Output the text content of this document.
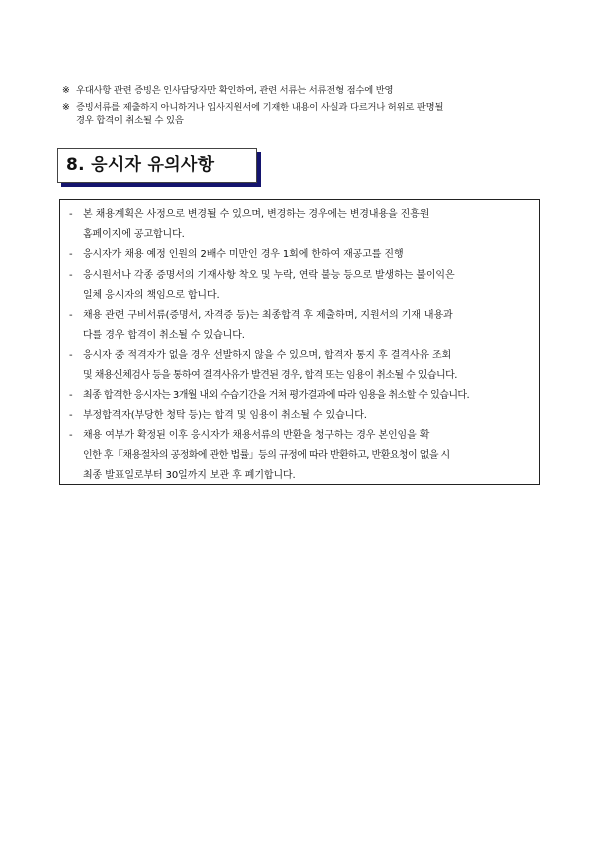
※ 우대사항 관련 증빙은 인사담당자만 확인하여, 관련 서류는 서류전형 점수에 반영
※ 증빙서류를 제출하지 아니하거나 입사지원서에 기재한 내용이 사실과 다르거나 허위로 판명될
경우 합격이 취소될 수 있음
8. 응시자 유의사항
- 본 채용계획은 사정으로 변경될 수 있으며, 변경하는 경우에는 변경내용을 진흥원
홈페이지에 공고합니다.
- 응시자가 채용 예정 인원의 2배수 미만인 경우 1회에 한하여 재공고를 진행
- 응시원서나 각종 증명서의 기재사항 착오 및 누락, 연락 불능 등으로 발생하는 불이익은
일체 응시자의 책임으로 합니다.
- 채용 관련 구비서류(증명서, 자격증 등)는 최종합격 후 제출하며, 지원서의 기재 내용과
다를 경우 합격이 취소될 수 있습니다.
- 응시자 중 적격자가 없을 경우 선발하지 않을 수 있으며, 합격자 통지 후 결격사유 조회
및 채용신체검사 등을 통하여 결격사유가 발견된 경우, 합격 또는 임용이 취소될 수 있습니다.
- 최종 합격한 응시자는 3개월 내외 수습기간을 거쳐 평가결과에 따라 임용을 취소할 수 있습니다.
- 부정합격자(부당한 청탁 등)는 합격 및 임용이 취소될 수 있습니다.
- 채용 여부가 확정된 이후 응시자가 채용서류의 반환을 청구하는 경우 본인임을 확
인한 후「채용절차의 공정화에 관한 법률」등의 규정에 따라 반환하고, 반환요청이 없을 시
최종 발표일로부터 30일까지 보관 후 폐기합니다.
